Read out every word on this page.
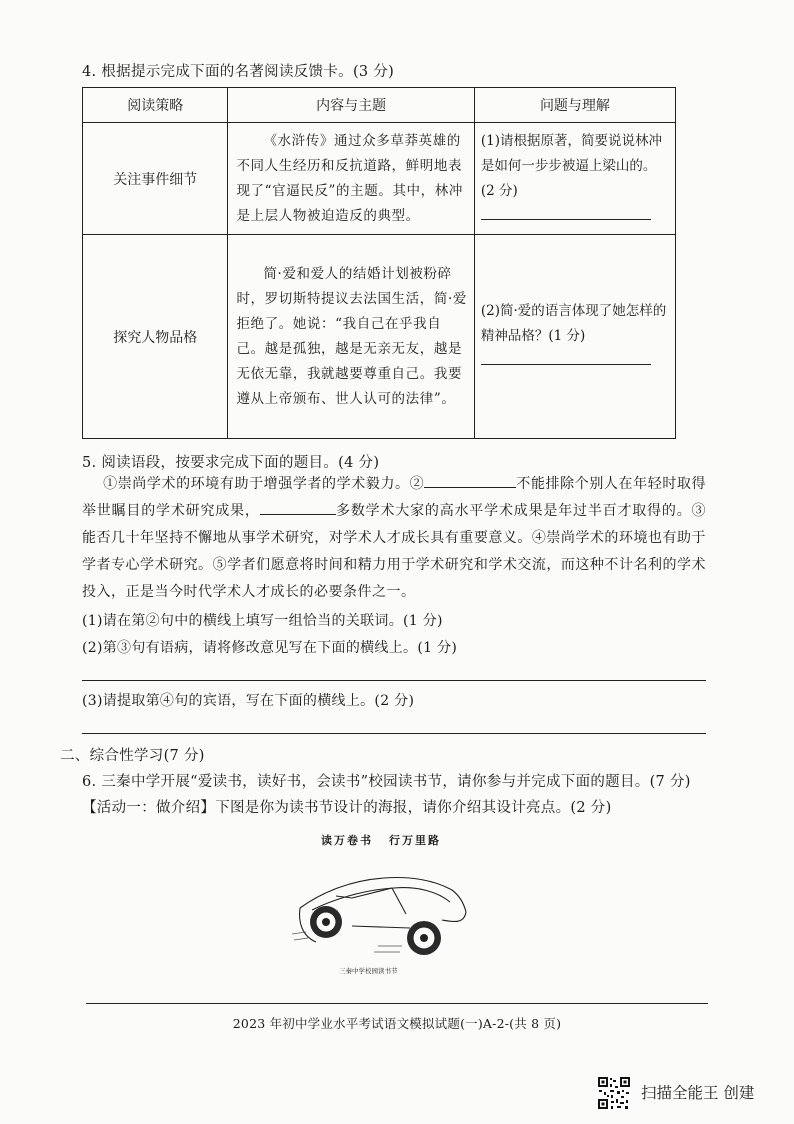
4. 根据提示完成下面的名著阅读反馈卡。(3 分)
阅读策略	内容与主题	问题与理解
关注事件细节	《水浒传》通过众多草莽英雄的不同人生经历和反抗道路，鲜明地表现了“官逼民反”的主题。其中，林冲是上层人物被迫造反的典型。	(1)请根据原著，简要说说林冲是如何一步步被逼上梁山的。(2 分)

探究人物品格	简·爱和爱人的结婚计划被粉碎时，罗切斯特提议去法国生活，简·爱拒绝了。她说：“我自己在乎我自己。越是孤独，越是无亲无友，越是无依无靠，我就越要尊重自己。我要遵从上帝颁布、世人认可的法律”。	(2)简·爱的语言体现了她怎样的精神品格？(1 分)
5. 阅读语段，按要求完成下面的题目。(4 分)
①崇尚学术的环境有助于增强学者的学术毅力。②	不能排除个别人在年轻时取得举世瞩目的学术研究成果，	多数学术大家的高水平学术成果是年过半百才取得的。③能否几十年坚持不懈地从事学术研究，对学术人才成长具有重要意义。④崇尚学术的环境也有助于学者专心学术研究。⑤学者们愿意将时间和精力用于学术研究和学术交流，而这种不计名利的学术投入，正是当今时代学术人才成长的必要条件之一。
(1)请在第②句中的横线上填写一组恰当的关联词。(1 分)
(2)第③句有语病，请将修改意见写在下面的横线上。(1 分)
(3)请提取第④句的宾语，写在下面的横线上。(2 分)
二、综合性学习(7 分)
6. 三秦中学开展“爱读书，读好书，会读书”校园读书节，请你参与并完成下面的题目。(7 分)
【活动一：做介绍】下图是你为读书节设计的海报，请你介绍其设计亮点。(2 分)
读万卷书 行万里路
三秦中学校园读书节
2023 年初中学业水平考试语文模拟试题(一)A-2-(共 8 页)
扫描全能王 创建
